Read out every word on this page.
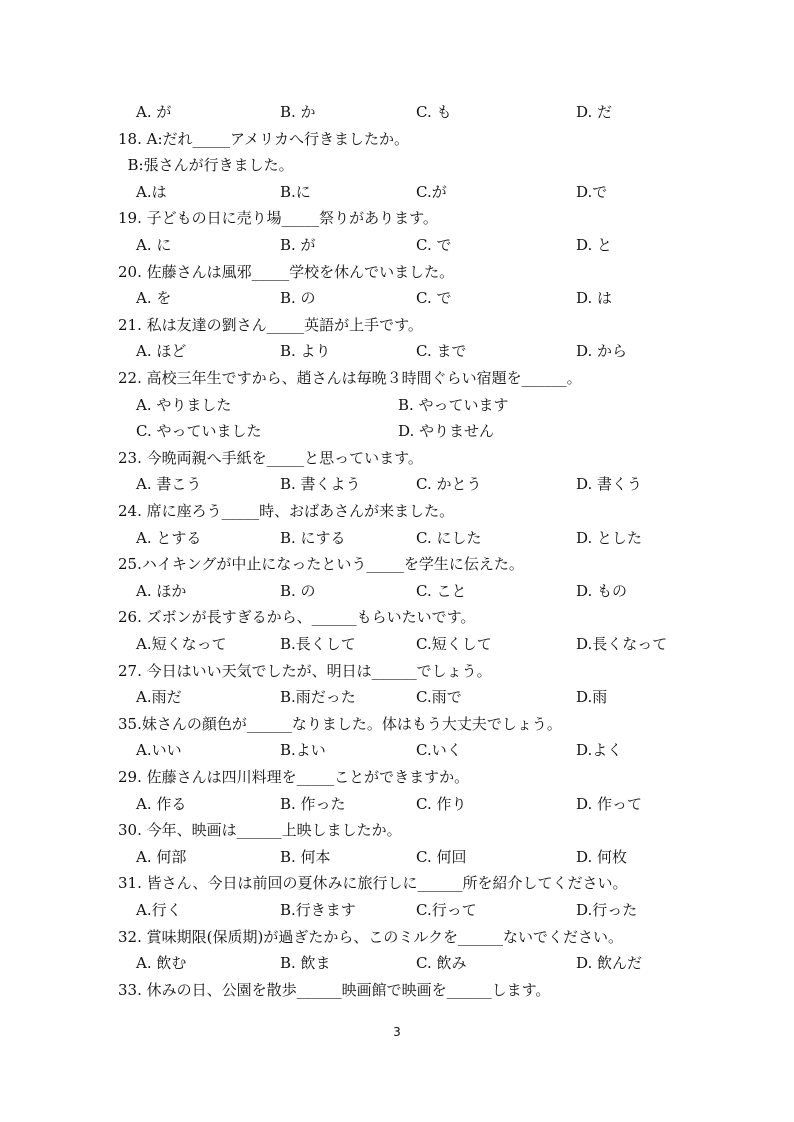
A. が	B. か	C. も	D. だ
18. A:だれ_____アメリカへ行きましたか。
B:張さんが行きました。
A.は	B.に	C.が	D.で
19. 子どもの日に売り場_____祭りがあります。
A. に	B. が	C. で	D. と
20. 佐藤さんは風邪_____学校を休んでいました。
A. を	B. の	C. で	D. は
21. 私は友達の劉さん_____英語が上手です。
A. ほど	B. より	C. まで	D. から
22. 高校三年生ですから、趙さんは毎晩３時間ぐらい宿題を______。
A. やりました	B. やっています
C. やっていました	D. やりません
23. 今晩両親へ手紙を_____と思っています。
A. 書こう	B. 書くよう	C. かとう	D. 書くう
24. 席に座ろう_____時、おばあさんが来ました。
A. とする	B. にする	C. にした	D. とした
25.ハイキングが中止になったという_____を学生に伝えた。
A. ほか	B. の	C. こと	D. もの
26. ズボンが長すぎるから、______もらいたいです。
A.短くなって	B.長くして	C.短くして	D.長くなって
27. 今日はいい天気でしたが、明日は______でしょう。
A.雨だ	B.雨だった	C.雨で	D.雨
35.妹さんの顔色が______なりました。体はもう大丈夫でしょう。
A.いい	B.よい	C.いく	D.よく
29. 佐藤さんは四川料理を_____ことができますか。
A. 作る	B. 作った	C. 作り	D. 作って
30. 今年、映画は______上映しましたか。
A. 何部	B. 何本	C. 何回	D. 何枚
31. 皆さん、今日は前回の夏休みに旅行しに______所を紹介してください。
A.行く	B.行きます	C.行って	D.行った
32. 賞味期限(保质期)が過ぎたから、このミルクを______ないでください。
A. 飲む	B. 飲ま	C. 飲み	D. 飲んだ
33. 休みの日、公園を散歩______映画館で映画を______します。
3
